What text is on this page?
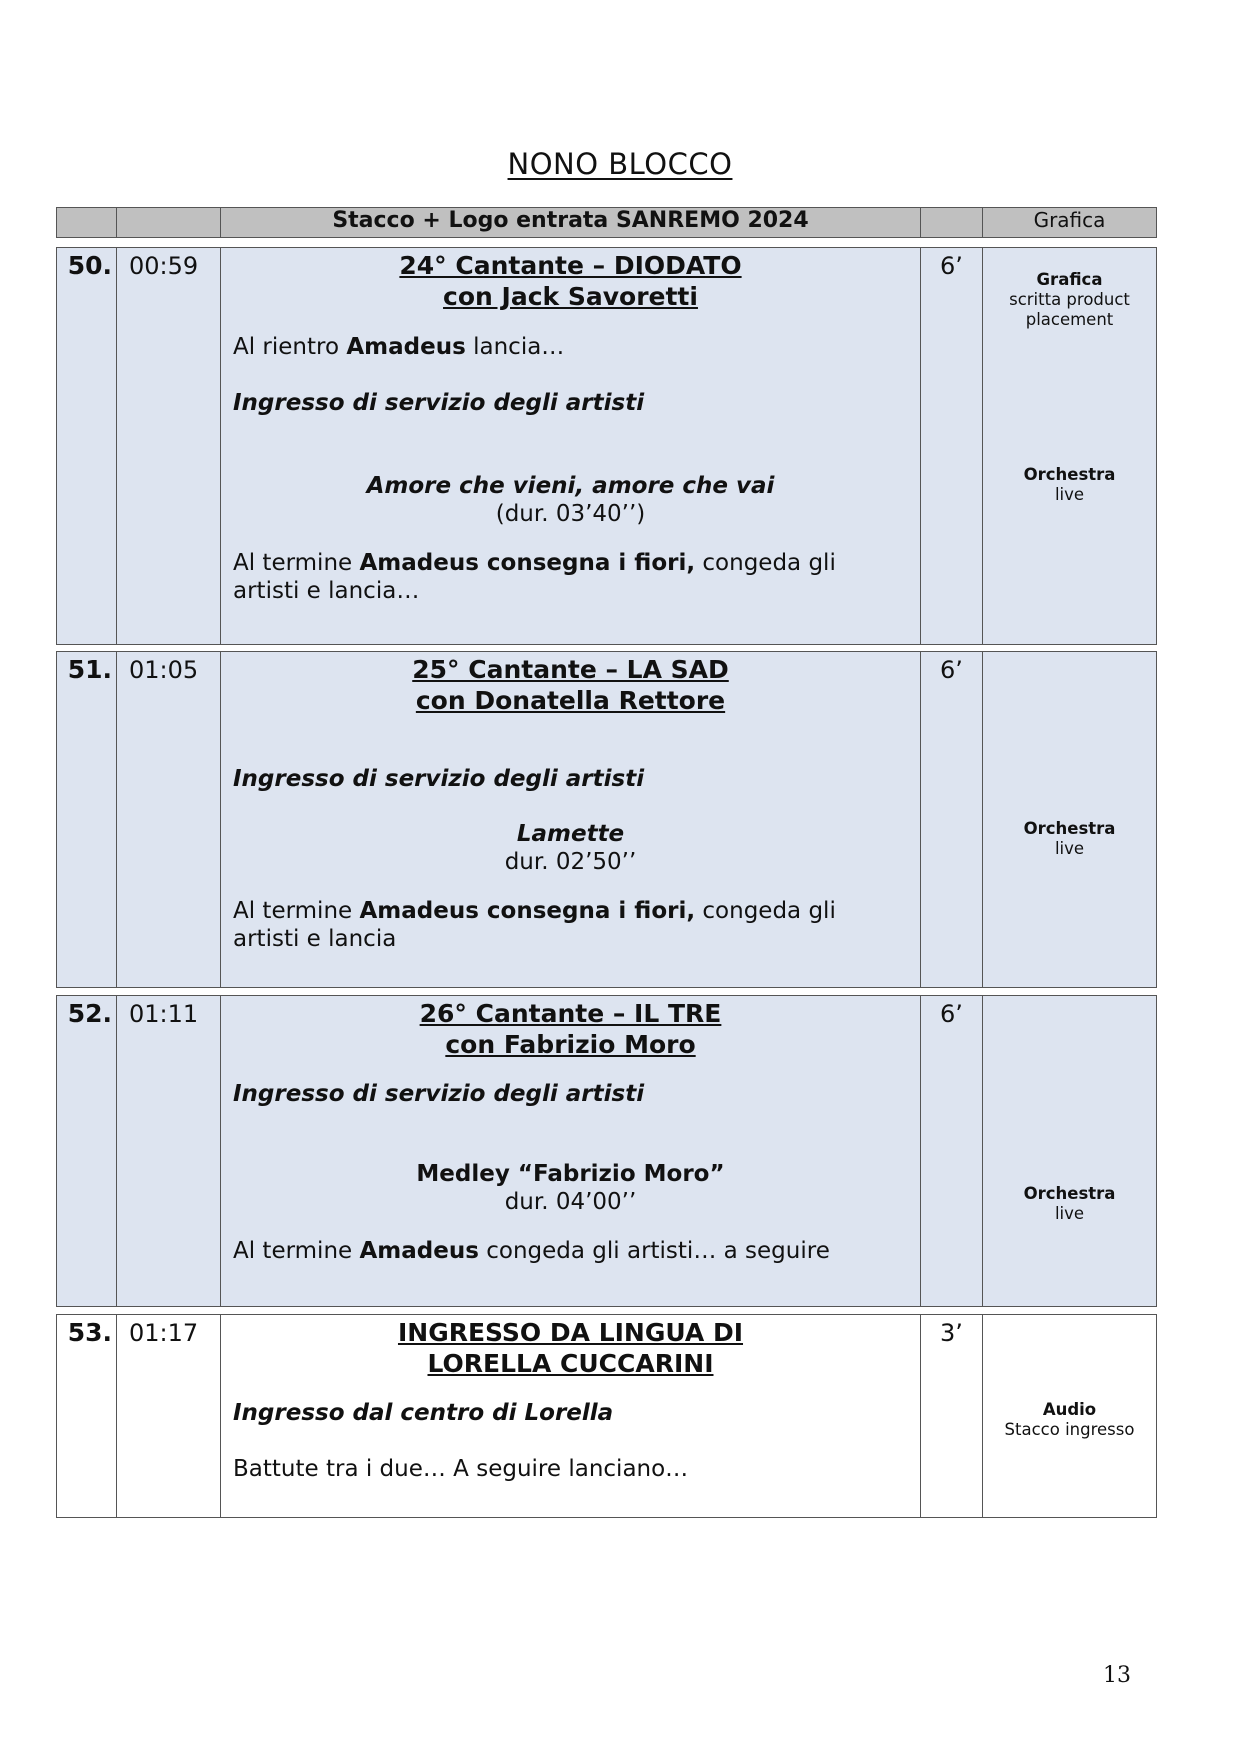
NONO BLOCCO
		Stacco + Logo entrata SANREMO 2024		Grafica
50.	00:59	24° Cantante – DIODATO
con Jack Savoretti

Al rientro Amadeus lancia…

Ingresso di servizio degli artisti

Amore che vieni, amore che vai

(dur. 03’40’’)

Al termine Amadeus consegna i fiori, congeda gli artisti e lancia…

	6’	Grafica
scritta product
placement
Orchestra
live
51.	01:05	25° Cantante – LA SAD
con Donatella Rettore

Ingresso di servizio degli artisti

Lamette

dur. 02’50’’

Al termine Amadeus consegna i fiori, congeda gli artisti e lancia

	6’	
Orchestra
live
52.	01:11	26° Cantante – IL TRE
con Fabrizio Moro

Ingresso di servizio degli artisti

Medley “Fabrizio Moro”

dur. 04’00’’

Al termine Amadeus congeda gli artisti… a seguire

	6’	
Orchestra
live
53.	01:17	INGRESSO DA LINGUA DI
LORELLA CUCCARINI

Ingresso dal centro di Lorella

Battute tra i due… A seguire lanciano…

	3’	
Audio
Stacco ingresso
13
